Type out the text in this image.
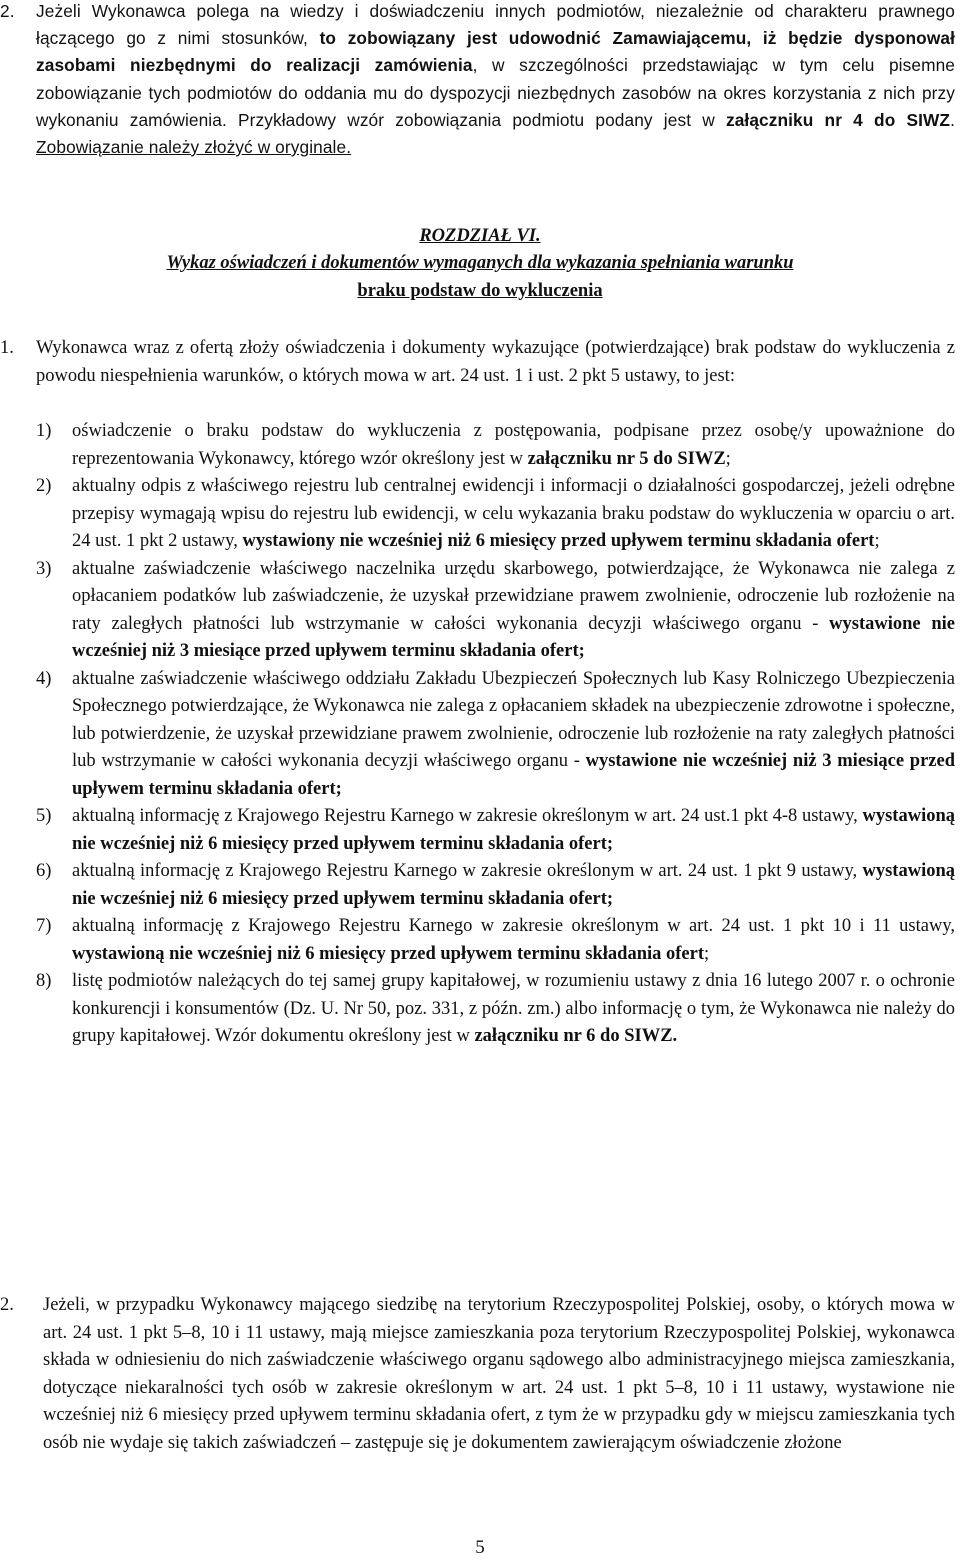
2. Jeżeli Wykonawca polega na wiedzy i doświadczeniu innych podmiotów, niezależnie od charakteru prawnego łączącego go z nimi stosunków, to zobowiązany jest udowodnić Zamawiającemu, iż będzie dysponował zasobami niezbędnymi do realizacji zamówienia, w szczególności przedstawiając w tym celu pisemne zobowiązanie tych podmiotów do oddania mu do dyspozycji niezbędnych zasobów na okres korzystania z nich przy wykonaniu zamówienia. Przykładowy wzór zobowiązania podmiotu podany jest w załączniku nr 4 do SIWZ. Zobowiązanie należy złożyć w oryginale.
ROZDZIAŁ VI.
Wykaz oświadczeń i dokumentów wymaganych dla wykazania spełniania warunku
braku podstaw do wykluczenia
1. Wykonawca wraz z ofertą złoży oświadczenia i dokumenty wykazujące (potwierdzające) brak podstaw do wykluczenia z powodu niespełnienia warunków, o których mowa w art. 24 ust. 1 i ust. 2 pkt 5 ustawy, to jest:
1) oświadczenie o braku podstaw do wykluczenia z postępowania, podpisane przez osobę/y upoważnione do reprezentowania Wykonawcy, którego wzór określony jest w załączniku nr 5 do SIWZ;
2) aktualny odpis z właściwego rejestru lub centralnej ewidencji i informacji o działalności gospodarczej, jeżeli odrębne przepisy wymagają wpisu do rejestru lub ewidencji, w celu wykazania braku podstaw do wykluczenia w oparciu o art. 24 ust. 1 pkt 2 ustawy, wystawiony nie wcześniej niż 6 miesięcy przed upływem terminu składania ofert;
3) aktualne zaświadczenie właściwego naczelnika urzędu skarbowego, potwierdzające, że Wykonawca nie zalega z opłacaniem podatków lub zaświadczenie, że uzyskał przewidziane prawem zwolnienie, odroczenie lub rozłożenie na raty zaległych płatności lub wstrzymanie w całości wykonania decyzji właściwego organu - wystawione nie wcześniej niż 3 miesiące przed upływem terminu składania ofert;
4) aktualne zaświadczenie właściwego oddziału Zakładu Ubezpieczeń Społecznych lub Kasy Rolniczego Ubezpieczenia Społecznego potwierdzające, że Wykonawca nie zalega z opłacaniem składek na ubezpieczenie zdrowotne i społeczne, lub potwierdzenie, że uzyskał przewidziane prawem zwolnienie, odroczenie lub rozłożenie na raty zaległych płatności lub wstrzymanie w całości wykonania decyzji właściwego organu - wystawione nie wcześniej niż 3 miesiące przed upływem terminu składania ofert;
5) aktualną informację z Krajowego Rejestru Karnego w zakresie określonym w art. 24 ust.1 pkt 4-8 ustawy, wystawioną nie wcześniej niż 6 miesięcy przed upływem terminu składania ofert;
6) aktualną informację z Krajowego Rejestru Karnego w zakresie określonym w art. 24 ust. 1 pkt 9 ustawy, wystawioną nie wcześniej niż 6 miesięcy przed upływem terminu składania ofert;
7) aktualną informację z Krajowego Rejestru Karnego w zakresie określonym w art. 24 ust. 1 pkt 10 i 11 ustawy, wystawioną nie wcześniej niż 6 miesięcy przed upływem terminu składania ofert;
8) listę podmiotów należących do tej samej grupy kapitałowej, w rozumieniu ustawy z dnia 16 lutego 2007 r. o ochronie konkurencji i konsumentów (Dz. U. Nr 50, poz. 331, z późn. zm.) albo informację o tym, że Wykonawca nie należy do grupy kapitałowej. Wzór dokumentu określony jest w załączniku nr 6 do SIWZ.
2. Jeżeli, w przypadku Wykonawcy mającego siedzibę na terytorium Rzeczypospolitej Polskiej, osoby, o których mowa w art. 24 ust. 1 pkt 5–8, 10 i 11 ustawy, mają miejsce zamieszkania poza terytorium Rzeczypospolitej Polskiej, wykonawca składa w odniesieniu do nich zaświadczenie właściwego organu sądowego albo administracyjnego miejsca zamieszkania, dotyczące niekaralności tych osób w zakresie określonym w art. 24 ust. 1 pkt 5–8, 10 i 11 ustawy, wystawione nie wcześniej niż 6 miesięcy przed upływem terminu składania ofert, z tym że w przypadku gdy w miejscu zamieszkania tych osób nie wydaje się takich zaświadczeń – zastępuje się je dokumentem zawierającym oświadczenie złożone
5
